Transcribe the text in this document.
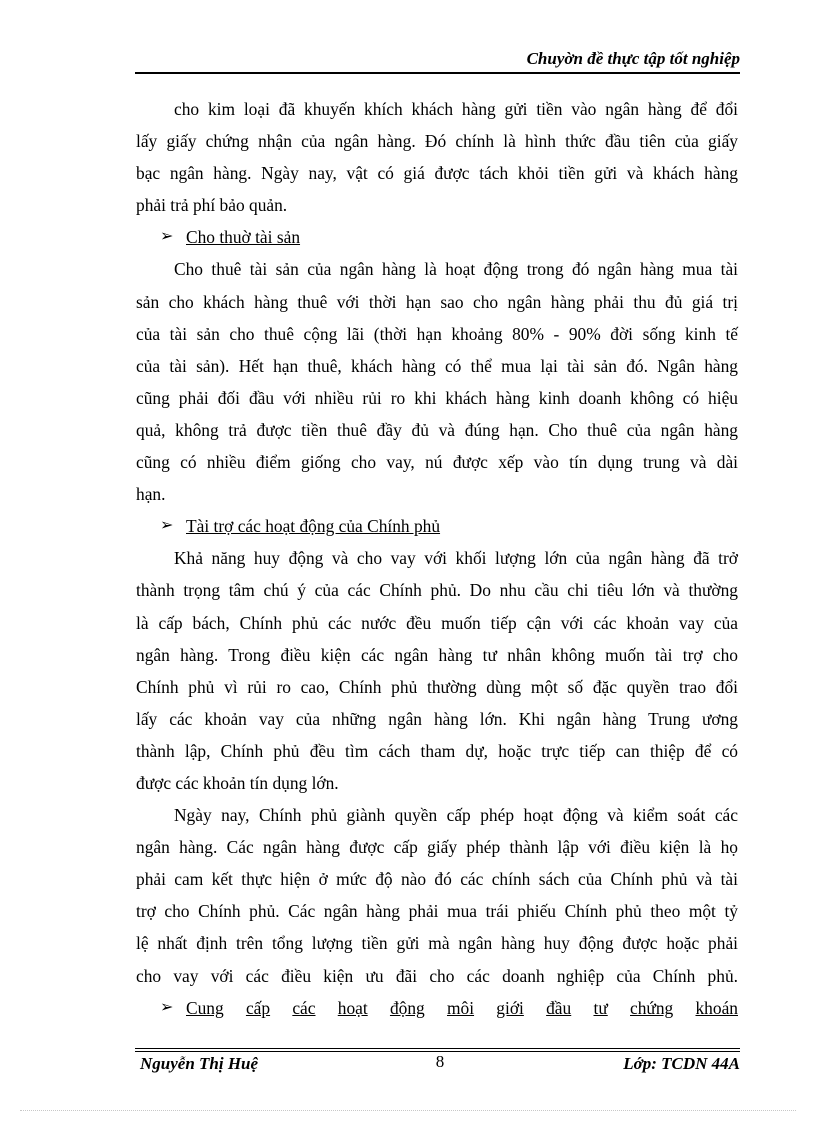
Chuyờn đề thực tập tốt nghiệp
cho kim loại đã khuyến khích khách hàng gửi tiền vào ngân hàng để đổi
lấy giấy chứng nhận của ngân hàng. Đó chính là hình thức đầu tiên của giấy
bạc ngân hàng. Ngày nay, vật có giá được tách khỏi tiền gửi và khách hàng
phải trả phí bảo quản.
➢ Cho thuờ tài sản
Cho thuê tài sản của ngân hàng là hoạt động trong đó ngân hàng mua tài
sản cho khách hàng thuê với thời hạn sao cho ngân hàng phải thu đủ giá trị
của tài sản cho thuê cộng lãi (thời hạn khoảng 80% - 90% đời sống kinh tế
của tài sản). Hết hạn thuê, khách hàng có thể mua lại tài sản đó. Ngân hàng
cũng phải đối đầu với nhiều rủi ro khi khách hàng kinh doanh không có hiệu
quả, không trả được tiền thuê đầy đủ và đúng hạn. Cho thuê của ngân hàng
cũng có nhiều điểm giống cho vay, nú được xếp vào tín dụng trung và dài
hạn.
➢ Tài trợ các hoạt động của Chính phủ
Khả năng huy động và cho vay với khối lượng lớn của ngân hàng đã trở
thành trọng tâm chú ý của các Chính phủ. Do nhu cầu chi tiêu lớn và thường
là cấp bách, Chính phủ các nước đều muốn tiếp cận với các khoản vay của
ngân hàng. Trong điều kiện các ngân hàng tư nhân không muốn tài trợ cho
Chính phủ vì rủi ro cao, Chính phủ thường dùng một số đặc quyền trao đổi
lấy các khoản vay của những ngân hàng lớn. Khi ngân hàng Trung ương
thành lập, Chính phủ đều tìm cách tham dự, hoặc trực tiếp can thiệp để có
được các khoản tín dụng lớn.
Ngày nay, Chính phủ giành quyền cấp phép hoạt động và kiểm soát các
ngân hàng. Các ngân hàng được cấp giấy phép thành lập với điều kiện là họ
phải cam kết thực hiện ở mức độ nào đó các chính sách của Chính phủ và tài
trợ cho Chính phủ. Các ngân hàng phải mua trái phiếu Chính phủ theo một tỷ
lệ nhất định trên tổng lượng tiền gửi mà ngân hàng huy động được hoặc phải
cho vay với các điều kiện ưu đãi cho các doanh nghiệp của Chính phủ.
➢ Cung cấp các hoạt động môi giới đầu tư chứng khoán
Nguyễn Thị Huệ	8	Lớp: TCDN 44A
